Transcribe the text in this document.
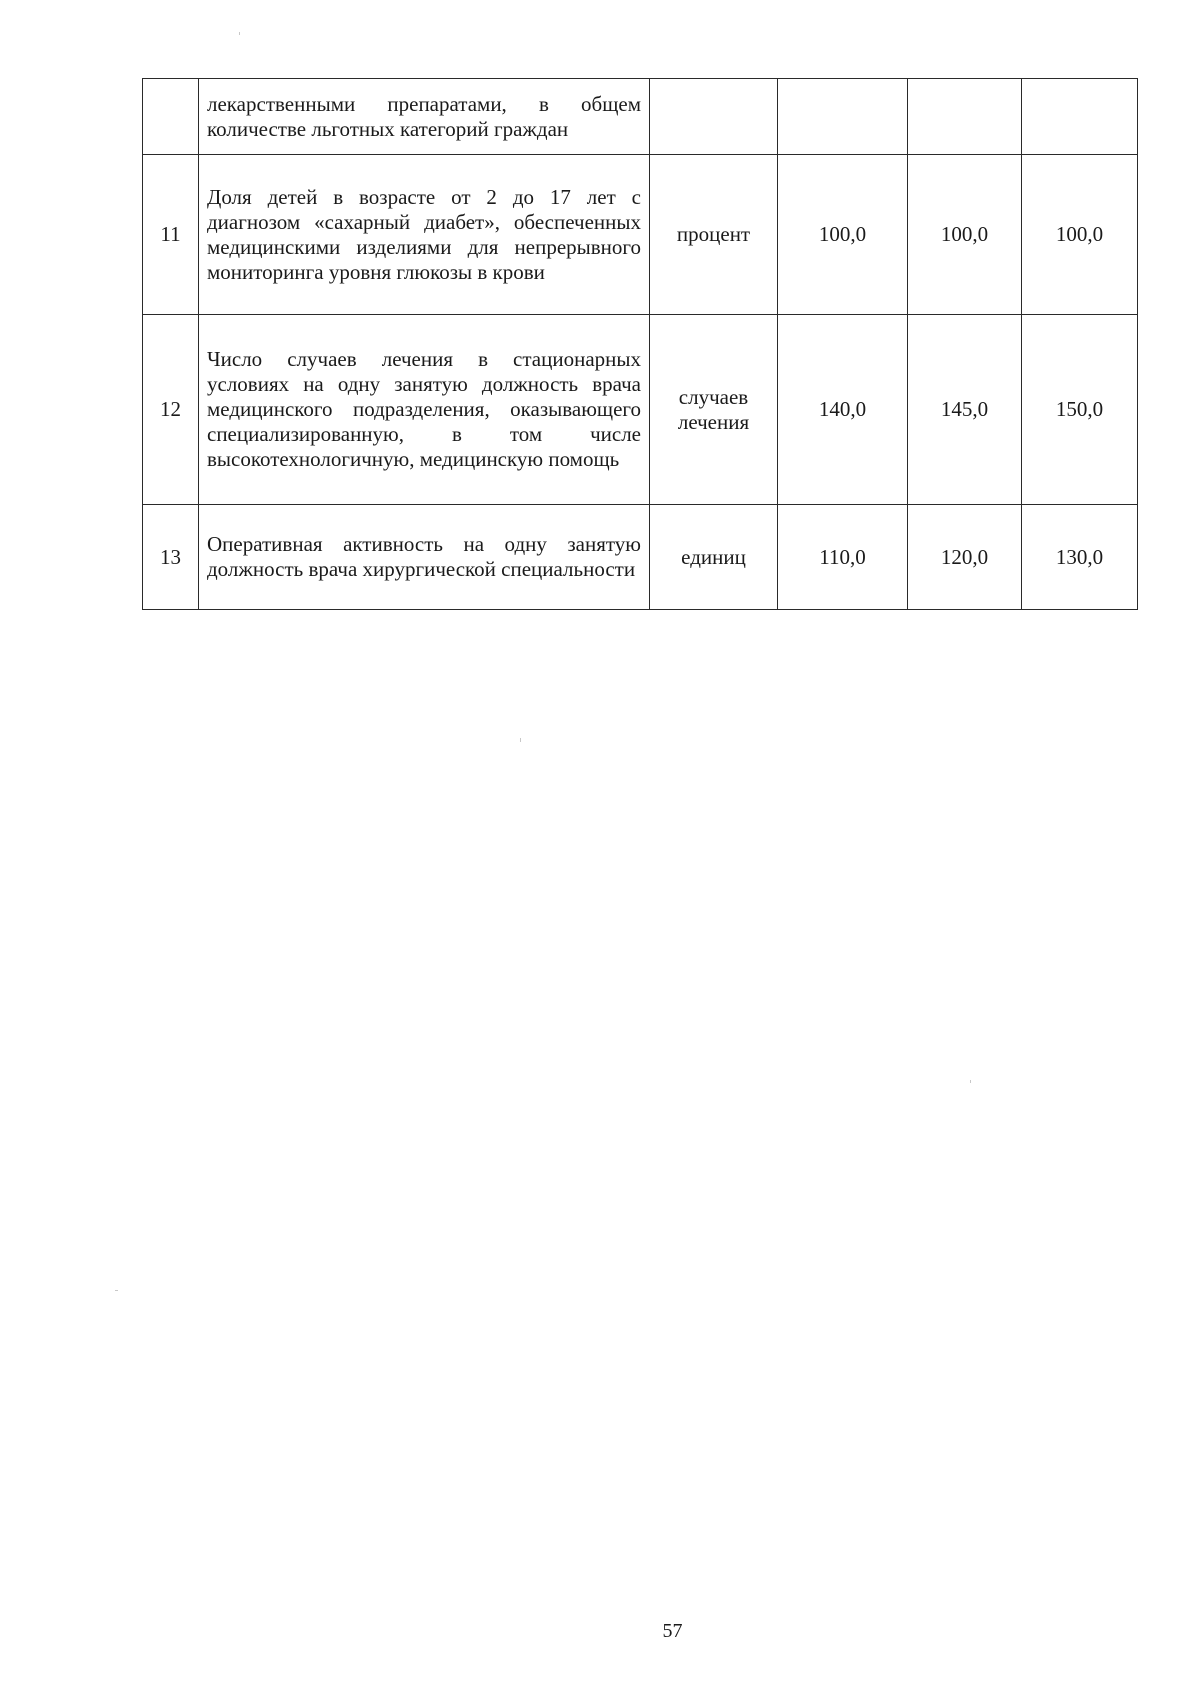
	лекарственными препаратами, в общем количестве льготных категорий граждан				
11	Доля детей в возрасте от 2 до 17 лет с диагнозом «сахарный диабет», обеспеченных медицинскими изделиями для непрерывного мониторинга уровня глюкозы в крови	процент	100,0	100,0	100,0
12	Число случаев лечения в стационарных условиях на одну занятую должность врача медицинского подразделения, оказывающего специализированную, в том числе высокотехнологичную, медицинскую помощь	случаев лечения	140,0	145,0	150,0
13	Оперативная активность на одну занятую должность врача хирургической специальности	единиц	110,0	120,0	130,0
57
